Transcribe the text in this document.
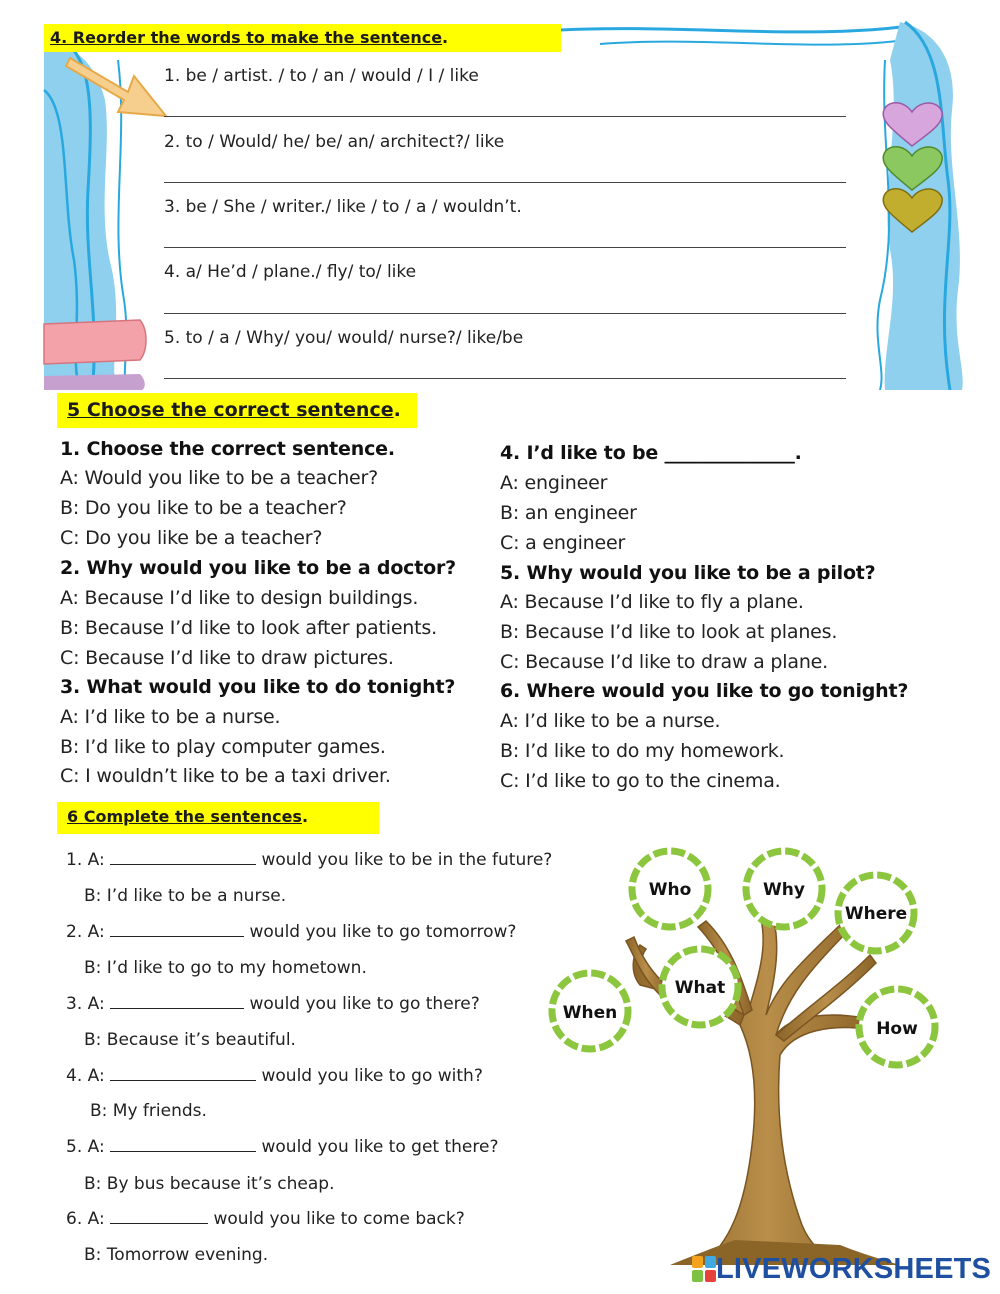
4. Reorder the words to make the sentence.
1. be / artist. / to / an / would / I / like
2. to / Would/ he/ be/ an/ architect?/ like
3. be / She / writer./ like / to / a / wouldn’t.
4. a/ He’d / plane./ fly/ to/ like
5. to / a / Why/ you/ would/ nurse?/ like/be
5 Choose the correct sentence.
1. Choose the correct sentence.
A: Would you like to be a teacher?
B: Do you like to be a teacher?
C: Do you like be a teacher?
2. Why would you like to be a doctor?
A: Because I’d like to design buildings.
B: Because I’d like to look after patients.
C: Because I’d like to draw pictures.
3. What would you like to do tonight?
A: I’d like to be a nurse.
B: I’d like to play computer games.
C: I wouldn’t like to be a taxi driver.
4. I’d like to be ______________.
A: engineer
B: an engineer
C: a engineer
5. Why would you like to be a pilot?
A: Because I’d like to fly a plane.
B: Because I’d like to look at planes.
C: Because I’d like to draw a plane.
6. Where would you like to go tonight?
A: I’d like to be a nurse.
B: I’d like to do my homework.
C: I’d like to go to the cinema.
6 Complete the sentences.
1. A:	would you like to be in the future?
B: I’d like to be a nurse.
2. A:	would you like to go tomorrow?
B: I’d like to go to my hometown.
3. A:	would you like to go there?
B: Because it’s beautiful.
4. A:	would you like to go with?
B: My friends.
5. A:	would you like to get there?
B: By bus because it’s cheap.
6. A:	would you like to come back?
B: Tomorrow evening.
Who	Why
Where
What
When
How
LIVEWORKSHEETS
